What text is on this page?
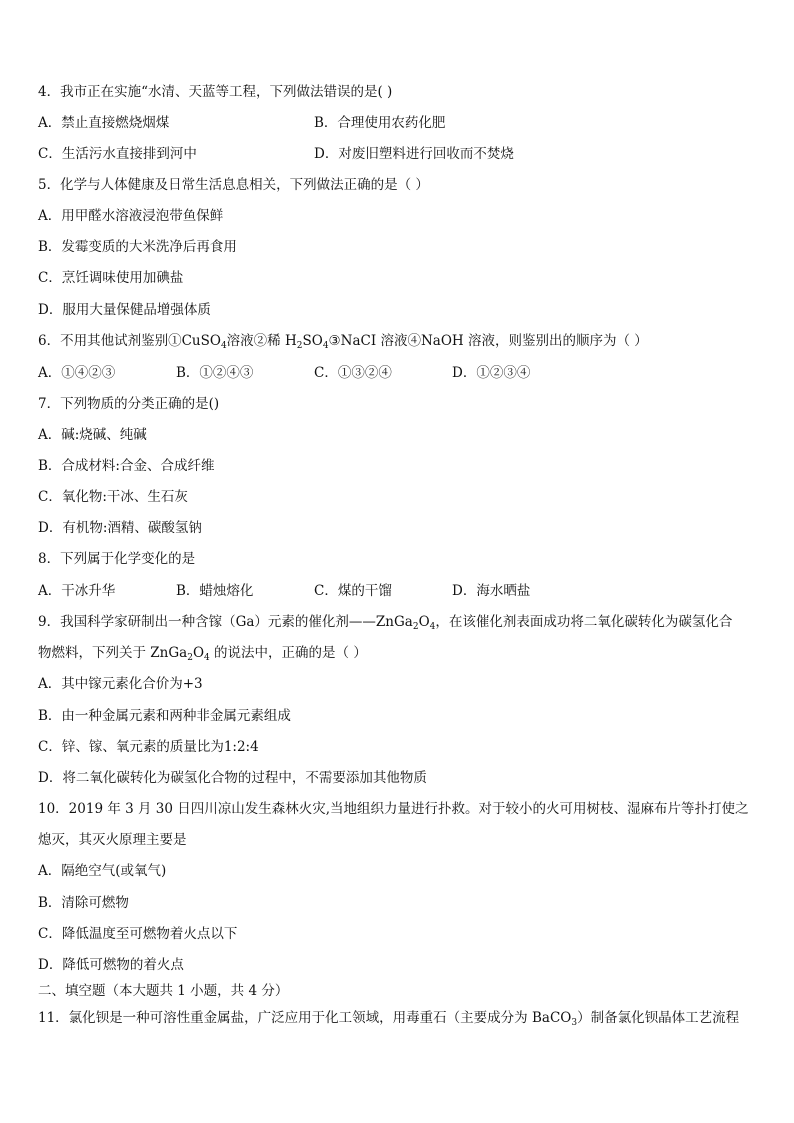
4．我市正在实施“水清、天蓝等工程，下列做法错误的是( )
A．禁止直接燃烧烟煤	B．合理使用农药化肥
C．生活污水直接排到河中	D．对废旧塑料进行回收而不焚烧
5．化学与人体健康及日常生活息息相关，下列做法正确的是（ ）
A．用甲醛水溶液浸泡带鱼保鲜
B．发霉变质的大米洗净后再食用
C．烹饪调味使用加碘盐
D．服用大量保健品增强体质
6．不用其他试剂鉴别①CuSO$_4$溶液②稀 $H_2SO_4③NaCI$ 溶液④NaOH 溶液，则鉴别出的顺序为（ ）
A．①④②③	B．①②④③	C．①③②④	D．①②③④
7．下列物质的分类正确的是()
A．碱:烧碱、纯碱
B．合成材料:合金、合成纤维
C．氧化物:干冰、生石灰
D．有机物:酒精、碳酸氢钠
8．下列属于化学变化的是
A．干冰升华	B．蜡烛熔化	C．煤的干馏	D．海水晒盐
9．我国科学家研制出一种含镓（Ga）元素的催化剂$——ZnGa_2O_4$，在该催化剂表面成功将二氧化碳转化为碳氢化合
物燃料，下列关于 $ZnGa_2O_4$ 的说法中，正确的是（ ）
A．其中镓元素化合价为+3
B．由一种金属元素和两种非金属元素组成
C．锌、镓、氧元素的质量比为1:2:4
D．将二氧化碳转化为碳氢化合物的过程中，不需要添加其他物质
10．2019 年 3 月 30 日四川凉山发生森林火灾,当地组织力量进行扑救。对于较小的火可用树枝、湿麻布片等扑打使之
熄灭，其灭火原理主要是
A．隔绝空气(或氧气)
B．清除可燃物
C．降低温度至可燃物着火点以下
D．降低可燃物的着火点
二、填空题（本大题共 1 小题，共 4 分）
11．氯化钡是一种可溶性重金属盐，广泛应用于化工领域，用毒重石（主要成分为 BaCO$_3$）制备氯化钡晶体工艺流程
